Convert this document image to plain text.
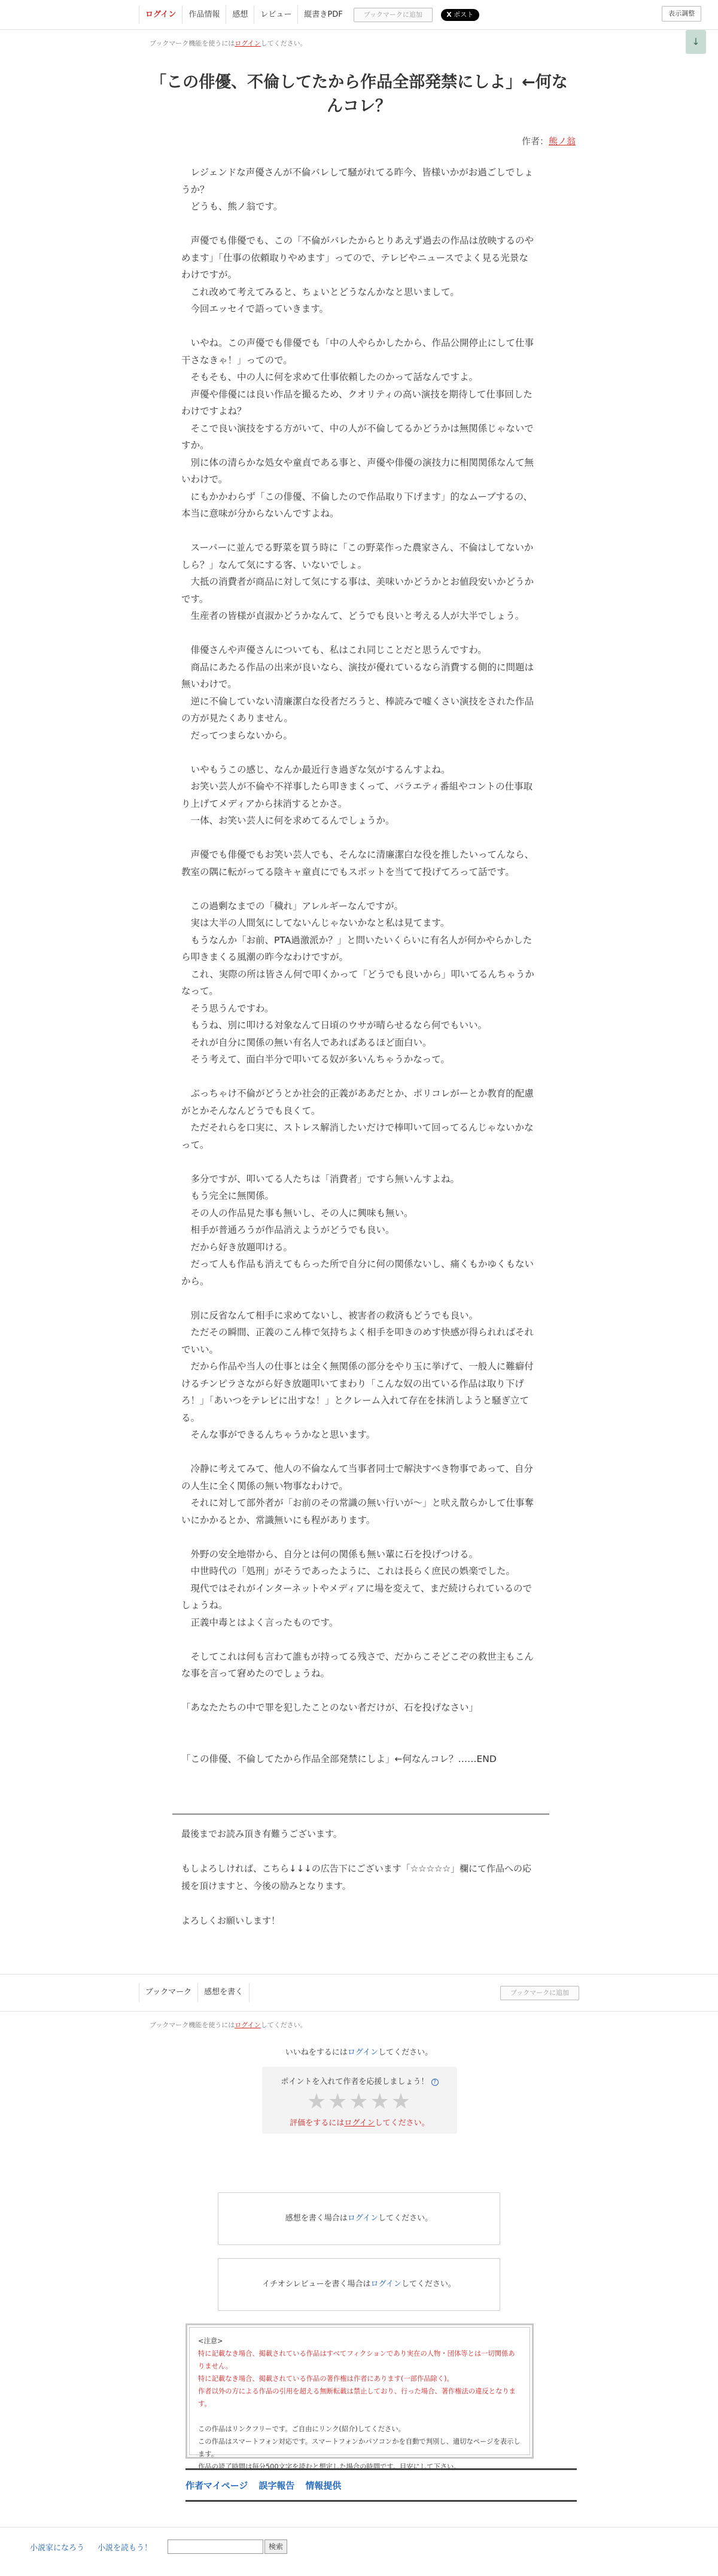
ログイン	作品情報	感想	レビュー	縦書きPDF	ブックマークに追加	X ポスト	表示調整
ブックマーク機能を使うにはログインしてください。	↓
「この俳優、不倫してたから作品全部発禁にしよ」←何なんコレ？
作者：熊ノ翁

　レジェンドな声優さんが不倫バレして騒がれてる昨今、皆様いかがお過ごしでしょうか？

　どうも、熊ノ翁です。

　声優でも俳優でも、この「不倫がバレたからとりあえず過去の作品は放映するのやめます」「仕事の依頼取りやめます」ってので、テレビやニュースでよく見る光景なわけですが。

　これ改めて考えてみると、ちょいとどうなんかなと思いまして。

　今回エッセイで語っていきます。

　いやね。この声優でも俳優でも「中の人やらかしたから、作品公開停止にして仕事干さなきゃ！」ってので。

　そもそも、中の人に何を求めて仕事依頼したのかって話なんですよ。

　声優や俳優には良い作品を撮るため、クオリティの高い演技を期待して仕事回したわけですよね？

　そこで良い演技をする方がいて、中の人が不倫してるかどうかは無関係じゃないですか。

　別に体の清らかな処女や童貞である事と、声優や俳優の演技力に相関関係なんて無いわけで。

　にもかかわらず「この俳優、不倫したので作品取り下げます」的なムーブするの、本当に意味が分からないんですよね。

　スーパーに並んでる野菜を買う時に「この野菜作った農家さん、不倫はしてないかしら？」なんて気にする客、いないでしょ。

　大抵の消費者が商品に対して気にする事は、美味いかどうかとお値段安いかどうかです。

　生産者の皆様が貞淑かどうかなんて、どうでも良いと考える人が大半でしょう。

　俳優さんや声優さんについても、私はこれ同じことだと思うんですわ。

　商品にあたる作品の出来が良いなら、演技が優れているなら消費する側的に問題は無いわけで。

　逆に不倫していない清廉潔白な役者だろうと、棒読みで嘘くさい演技をされた作品の方が見たくありません。

　だってつまらないから。

　いやもうこの感じ、なんか最近行き過ぎな気がするんすよね。

　お笑い芸人が不倫や不祥事したら叩きまくって、バラエティ番組やコントの仕事取り上げてメディアから抹消するとかさ。

　一体、お笑い芸人に何を求めてるんでしょうか。

　声優でも俳優でもお笑い芸人でも、そんなに清廉潔白な役を推したいってんなら、教室の隅に転がってる陰キャ童貞にでもスポットを当てて投げてろって話です。

　この過剰なまでの「穢れ」アレルギーなんですが。

　実は大半の人間気にしてないんじゃないかなと私は見てます。

　もうなんか「お前、PTA過激派か？」と問いたいくらいに有名人が何かやらかしたら叩きまくる風潮の昨今なわけですが。

　これ、実際の所は皆さん何で叩くかって「どうでも良いから」叩いてるんちゃうかなって。

　そう思うんですわ。

　もうね、別に叩ける対象なんて日頃のウサが晴らせるなら何でもいい。

　それが自分に関係の無い有名人であればあるほど面白い。

　そう考えて、面白半分で叩いてる奴が多いんちゃうかなって。

　ぶっちゃけ不倫がどうとか社会的正義がああだとか、ポリコレがーとか教育的配慮がとかそんなんどうでも良くて。

　ただそれらを口実に、ストレス解消したいだけで棒叩いて回ってるんじゃないかなって。

　多分ですが、叩いてる人たちは「消費者」ですら無いんすよね。

　もう完全に無関係。

　その人の作品見た事も無いし、その人に興味も無い。

　相手が普通ろうが作品消えようがどうでも良い。

　だから好き放題叩ける。

　だって人も作品も消えてもらった所で自分に何の関係ないし、痛くもかゆくもないから。

　別に反省なんて相手に求めてないし、被害者の救済もどうでも良い。

　ただその瞬間、正義のこん棒で気持ちよく相手を叩きのめす快感が得られればそれでいい。

　だから作品や当人の仕事とは全く無関係の部分をやり玉に挙げて、一般人に難癖付けるチンピラさながら好き放題叩いてまわり「こんな奴の出ている作品は取り下げろ！」「あいつをテレビに出すな！」とクレーム入れて存在を抹消しようと騒ぎ立てる。

　そんな事ができるんちゃうかなと思います。

　冷静に考えてみて、他人の不倫なんて当事者同士で解決すべき物事であって、自分の人生に全く関係の無い物事なわけで。

　それに対して部外者が「お前のその常識の無い行いが〜」と吠え散らかして仕事奪いにかかるとか、常識無いにも程があります。

　外野の安全地帯から、自分とは何の関係も無い輩に石を投げつける。

　中世時代の「処刑」がそうであったように、これは長らく庶民の娯楽でした。

　現代ではそれがインターネットやメディアに場を変えて、まだ続けられているのでしょうね。

　正義中毒とはよく言ったものです。

　そしてこれは何も言わて誰もが持ってる残さで、だからこそどこぞの救世主もこんな事を言って窘めたのでしょうね。

「あなたたちの中で罪を犯したことのない者だけが、石を投げなさい」

「この俳優、不倫してたから作品全部発禁にしよ」←何なんコレ？……END

最後までお読み頂き有難うございます。

もしよろしければ、こちら↓↓↓の広告下にございます「☆☆☆☆☆」欄にて作品への応援を頂けますと、今後の励みとなります。

よろしくお願いします！

ブックマーク	感想を書く	ブックマークに追加
ブックマーク機能を使うにはログインしてください。
いいねをするにはログインしてください。
ポイントを入れて作者を応援しましょう！ ?
★★★★★
評価をするにはログインしてください。
感想を書く場合はログインしてください。
イチオシレビューを書く場合はログインしてください。
<注意>
特に記載なき場合、掲載されている作品はすべてフィクションであり実在の人物・団体等とは一切関係ありません。
特に記載なき場合、掲載されている作品の著作権は作者にあります(一部作品除く)。
作者以外の方による作品の引用を超える無断転載は禁止しており、行った場合、著作権法の違反となります。
この作品はリンクフリーです。ご自由にリンク(紹介)してください。
この作品はスマートフォン対応です。スマートフォンかパソコンかを自動で判別し、適切なページを表示します。
作品の読了時間は毎分500文字を読むと想定した場合の時間です。目安にして下さい。
作者マイページ 誤字報告 情報提供
小説家になろう 小説を読もう！	検索
